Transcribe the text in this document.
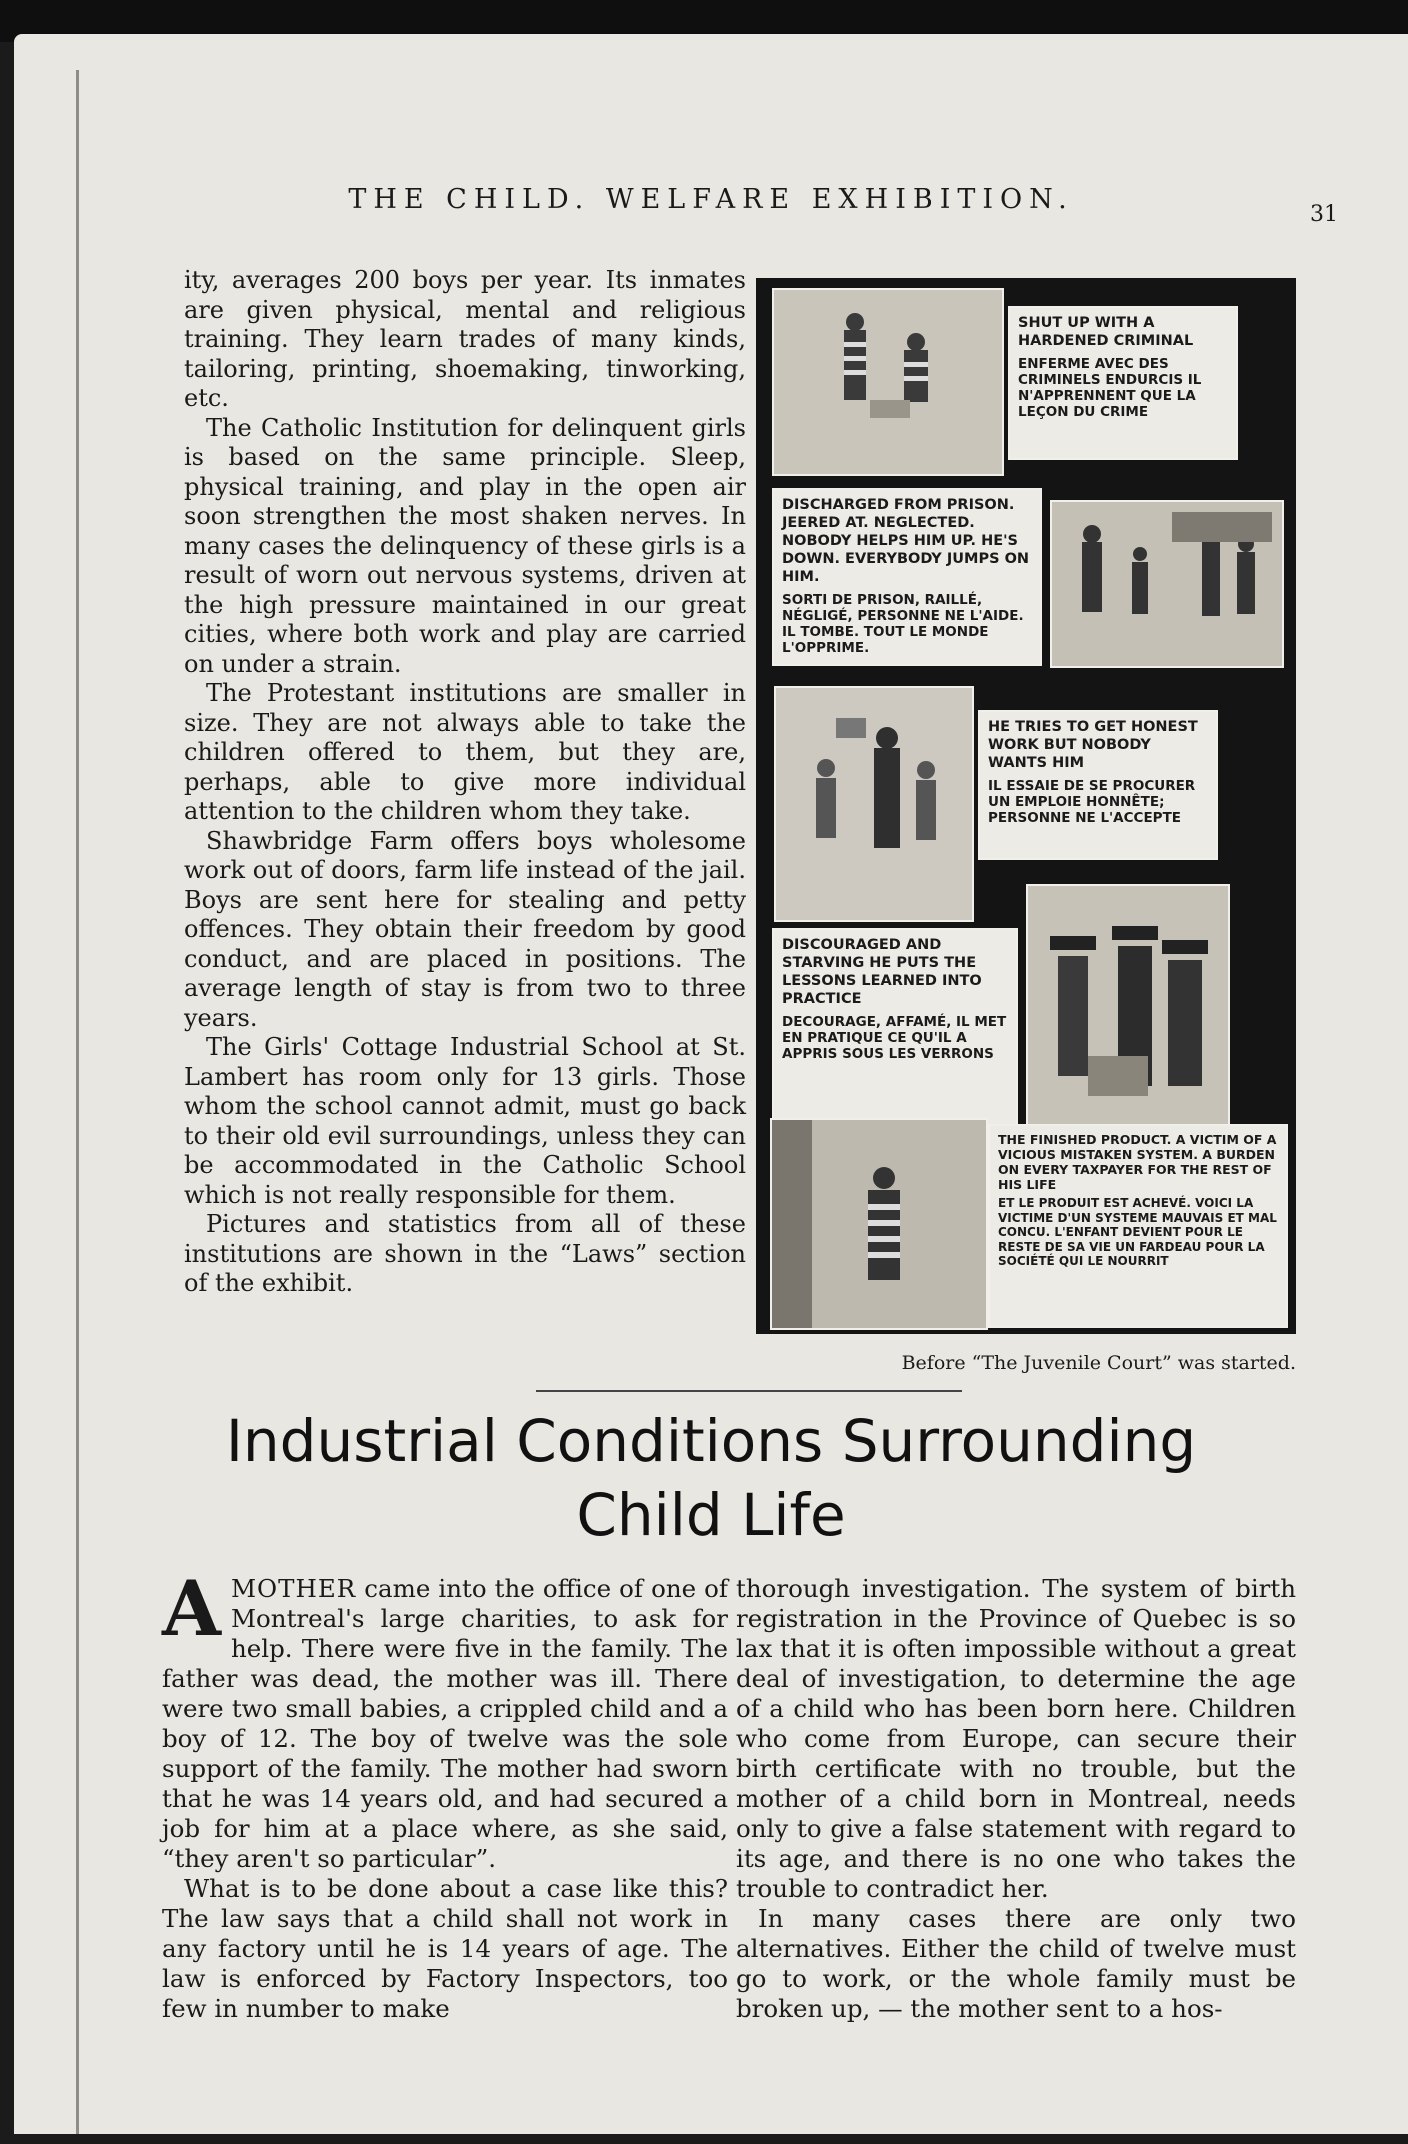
THE CHILD. WELFARE EXHIBITION.	31

ity, averages 200 boys per year. Its inmates are given physical, mental and religious training. They learn trades of many kinds, tailoring, printing, shoemaking, tinworking, etc.

The Catholic Institution for delinquent girls is based on the same principle. Sleep, physical training, and play in the open air soon strengthen the most shaken nerves. In many cases the delinquency of these girls is a result of worn out nervous systems, driven at the high pressure maintained in our great cities, where both work and play are carried on under a strain.

The Protestant institutions are smaller in size. They are not always able to take the children offered to them, but they are, perhaps, able to give more individual attention to the children whom they take.

Shawbridge Farm offers boys wholesome work out of doors, farm life instead of the jail. Boys are sent here for stealing and petty offences. They obtain their freedom by good conduct, and are placed in positions. The average length of stay is from two to three years.

The Girls' Cottage Industrial School at St. Lambert has room only for 13 girls. Those whom the school cannot admit, must go back to their old evil surroundings, unless they can be accommodated in the Catholic School which is not really responsible for them.

Pictures and statistics from all of these institutions are shown in the “Laws” section of the exhibit.

SHUT UP WITH A HARDENED CRIMINAL
ENFERME AVEC DES CRIMINELS ENDURCIS IL N'APPRENNENT QUE LA LEÇON DU CRIME
DISCHARGED FROM PRISON. JEERED AT. NEGLECTED. NOBODY HELPS HIM UP. HE'S DOWN. EVERYBODY JUMPS ON HIM.
SORTI DE PRISON, RAILLÉ, NÉGLIGÉ, PERSONNE NE L'AIDE. IL TOMBE. TOUT LE MONDE L'OPPRIME.
HE TRIES TO GET HONEST WORK BUT NOBODY WANTS HIM
IL ESSAIE DE SE PROCURER UN EMPLOIE HONNÊTE; PERSONNE NE L'ACCEPTE
DISCOURAGED AND STARVING HE PUTS THE LESSONS LEARNED INTO PRACTICE
DECOURAGE, AFFAMÉ, IL MET EN PRATIQUE CE QU'IL A APPRIS SOUS LES VERRONS
THE FINISHED PRODUCT. A VICTIM OF A VICIOUS MISTAKEN SYSTEM. A BURDEN ON EVERY TAXPAYER FOR THE REST OF HIS LIFE
ET LE PRODUIT EST ACHEVÉ. VOICI LA VICTIME D'UN SYSTEME MAUVAIS ET MAL CONCU. L'ENFANT DEVIENT POUR LE RESTE DE SA VIE UN FARDEAU POUR LA SOCIÉTÉ QUI LE NOURRIT
Before “The Juvenile Court” was started.
Industrial Conditions Surrounding
Child Life

AMOTHER came into the office of one of Montreal's large charities, to ask for help. There were five in the family. The father was dead, the mother was ill. There were two small babies, a crippled child and a boy of 12. The boy of twelve was the sole support of the family. The mother had sworn that he was 14 years old, and had secured a job for him at a place where, as she said, “they aren't so particular”.

What is to be done about a case like this? The law says that a child shall not work in any factory until he is 14 years of age. The law is enforced by Factory Inspectors, too few in number to make

thorough investigation. The system of birth registration in the Province of Quebec is so lax that it is often impossible without a great deal of investigation, to determine the age of a child who has been born here. Children who come from Europe, can secure their birth certificate with no trouble, but the mother of a child born in Montreal, needs only to give a false statement with regard to its age, and there is no one who takes the trouble to contradict her.

In many cases there are only two alternatives. Either the child of twelve must go to work, or the whole family must be broken up, — the mother sent to a hos-
